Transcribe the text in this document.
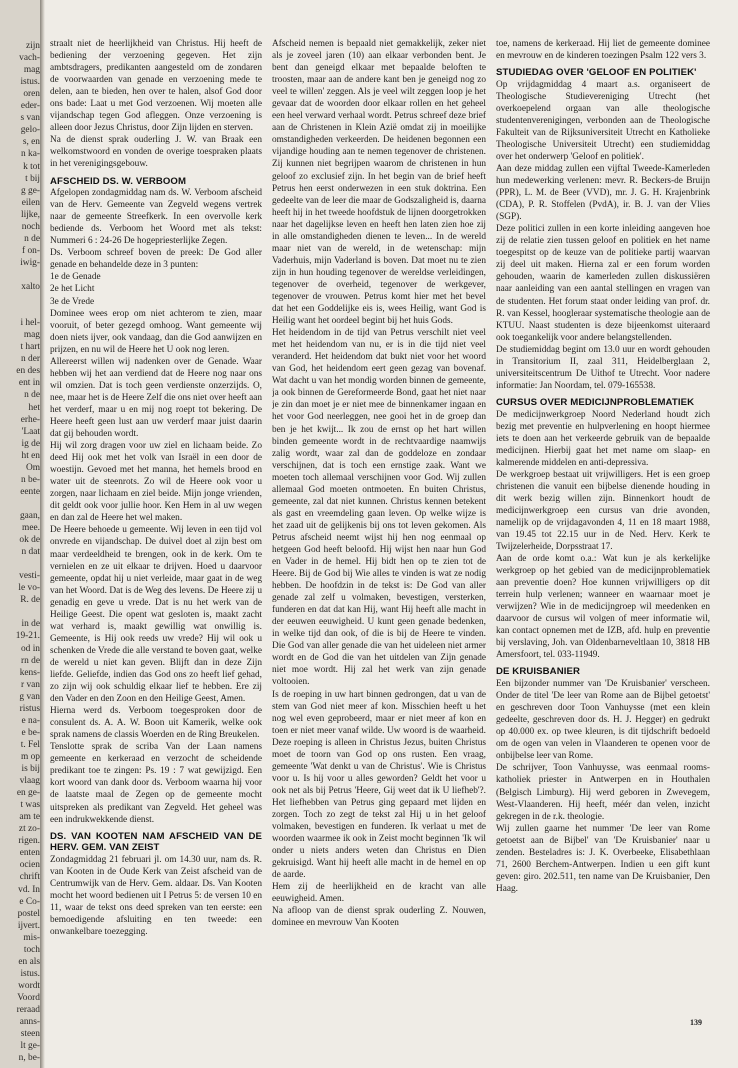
zijn
vach-
mag
istus.
oren
eder-
s van
gelo-
s, en
n ka-
k tot
t bij
g ge-
eilen
lijke,
noch
n de
f on-
iwig-
xalto
i hel-
mag
t hart
n der
en des
ent in
n de
het
erhe-
'Laat
ig de
ht en
Om
n be-
eente
gaan,
mee.
ok de
n dat
vesti-
le vo-
R. de
in de
19-21.
od in
rn de
kens-
r van
g van
ristus
e na-
e be-
t. Fel
m op
is bij
vlaag
en ge-
t was
am te
zt zo-
rigen.
enten
ocien
chrift
vd. In
e Co-
postel
ijvert.
mis-
toch
en als
istus.
wordt
Voord
reraad
anns-
steen
lt ge-
n, be-

straalt niet de heerlijkheid van Christus. Hij heeft de bediening der verzoening gegeven. Het zijn ambtsdragers, predikanten aangesteld om de zondaren de voorwaarden van genade en verzoening mede te delen, aan te bieden, hen over te halen, alsof God door ons bade: Laat u met God verzoenen. Wij moeten alle vijandschap tegen God afleggen. Onze verzoening is alleen door Jezus Christus, door Zijn lijden en sterven.

Na de dienst sprak ouderling J. W. van Braak een welkomstwoord en vonden de overige toespraken plaats in het verenigingsgebouw.

AFSCHEID DS. W. VERBOOM

Afgelopen zondagmiddag nam ds. W. Verboom afscheid van de Herv. Gemeente van Zegveld wegens vertrek naar de gemeente Streefkerk. In een overvolle kerk bediende ds. Verboom het Woord met als tekst: Nummeri 6 : 24-26 De hogepriesterlijke Zegen.

Ds. Verboom schreef boven de preek: De God aller genade en behandelde deze in 3 punten:

1e de Genade

2e het Licht

3e de Vrede

Dominee wees erop om niet achterom te zien, maar vooruit, of beter gezegd omhoog. Want gemeente wij doen niets ijver, ook vandaag, dan die God aanwijzen en prijzen, en nu wil de Heere het U ook nog leren.

Allereerst willen wij nadenken over de Genade. Waar hebben wij het aan verdiend dat de Heere nog naar ons wil omzien. Dat is toch geen verdienste onzerzijds. O, nee, maar het is de Heere Zelf die ons niet over heeft aan het verderf, maar u en mij nog roept tot bekering. De Heere heeft geen lust aan uw verderf maar juist daarin dat gij behouden wordt.

Hij wil zorg dragen voor uw ziel en lichaam beide. Zo deed Hij ook met het volk van Israël in een door de woestijn. Gevoed met het manna, het hemels brood en water uit de steenrots. Zo wil de Heere ook voor u zorgen, naar lichaam en ziel beide. Mijn jonge vrienden, dit geldt ook voor jullie hoor. Ken Hem in al uw wegen en dan zal de Heere het wel maken.

De Heere behoede u gemeente. Wij leven in een tijd vol onvrede en vijandschap. De duivel doet al zijn best om maar verdeeldheid te brengen, ook in de kerk. Om te vernielen en ze uit elkaar te drijven. Hoed u daarvoor gemeente, opdat hij u niet verleide, maar gaat in de weg van het Woord. Dat is de Weg des levens. De Heere zij u genadig en geve u vrede. Dat is nu het werk van de Heilige Geest. Die opent wat gesloten is, maakt zacht wat verhard is, maakt gewillig wat onwillig is. Gemeente, is Hij ook reeds uw vrede? Hij wil ook u schenken de Vrede die alle verstand te boven gaat, welke de wereld u niet kan geven. Blijft dan in deze Zijn liefde. Geliefde, indien das God ons zo heeft lief gehad, zo zijn wij ook schuldig elkaar lief te hebben. Ere zij den Vader en den Zoon en den Heilige Geest, Amen.

Hierna werd ds. Verboom toegesproken door de consulent ds. A. A. W. Boon uit Kamerik, welke ook sprak namens de classis Woerden en de Ring Breukelen.

Tenslotte sprak de scriba Van der Laan namens gemeente en kerkeraad en verzocht de scheidende predikant toe te zingen: Ps. 19 : 7 wat gewijzigd. Een kort woord van dank door ds. Verboom waarna hij voor de laatste maal de Zegen op de gemeente mocht uitspreken als predikant van Zegveld. Het geheel was een indrukwekkende dienst.

DS. VAN KOOTEN NAM AFSCHEID VAN DE HERV. GEM. VAN ZEIST

Zondagmiddag 21 februari jl. om 14.30 uur, nam ds. R. van Kooten in de Oude Kerk van Zeist afscheid van de Centrumwijk van de Herv. Gem. aldaar. Ds. Van Kooten mocht het woord bedienen uit I Petrus 5: de versen 10 en 11, waar de tekst ons deed spreken van ten eerste: een bemoedigende afsluiting en ten tweede: een onwankelbare toezegging.

Afscheid nemen is bepaald niet gemakkelijk, zeker niet als je zoveel jaren (10) aan elkaar verbonden bent. Je bent dan geneigd elkaar met bepaalde beloften te troosten, maar aan de andere kant ben je geneigd nog zo veel te willen' zeggen. Als je veel wilt zeggen loop je het gevaar dat de woorden door elkaar rollen en het geheel een heel verward verhaal wordt. Petrus schreef deze brief aan de Christenen in Klein Azië omdat zij in moeilijke omstandigheden verkeerden. De heidenen begonnen een vijandige houding aan te nemen tegenover de christenen. Zij kunnen niet begrijpen waarom de christenen in hun geloof zo exclusief zijn. In het begin van de brief heeft Petrus hen eerst onderwezen in een stuk doktrina. Een gedeelte van de leer die maar de Godszaligheid is, daarna heeft hij in het tweede hoofdstuk de lijnen doorgetrokken naar het dagelijkse leven en heeft hen laten zien hoe zij in alle omstandigheden dienen te leven... In de wereld maar niet van de wereld, in de wetenschap: mijn Vaderhuis, mijn Vaderland is boven. Dat moet nu te zien zijn in hun houding tegenover de wereldse verleidingen, tegenover de overheid, tegenover de werkgever, tegenover de vrouwen. Petrus komt hier met het bevel dat het een Goddelijke eis is, wees Heilig, want God is Heilig want het oordeel begint bij het huis Gods.

Het heidendom in de tijd van Petrus verschilt niet veel met het heidendom van nu, er is in die tijd niet veel veranderd. Het heidendom dat bukt niet voor het woord van God, het heidendom eert geen gezag van bovenaf. Wat dacht u van het mondig worden binnen de gemeente, ja ook binnen de Gereformeerde Bond, gaat het niet naar je zin dan moet je er niet mee de binnenkamer ingaan en het voor God neerleggen, nee gooi het in de groep dan ben je het kwijt... Ik zou de ernst op het hart willen binden gemeente wordt in de rechtvaardige naamwijs zalig wordt, waar zal dan de goddeloze en zondaar verschijnen, dat is toch een ernstige zaak. Want we moeten toch allemaal verschijnen voor God. Wij zullen allemaal God moeten ontmoeten. En buiten Christus, gemeente, zal dat niet kunnen. Christus kennen betekent als gast en vreemdeling gaan leven. Op welke wijze is het zaad uit de gelijkenis bij ons tot leven gekomen. Als Petrus afscheid neemt wijst hij hen nog eenmaal op hetgeen God heeft beloofd. Hij wijst hen naar hun God en Vader in de hemel. Hij bidt hen op te zien tot de Heere. Bij de God bij Wie alles te vinden is wat ze nodig hebben. De hoofdzin in de tekst is: De God van aller genade zal zelf u volmaken, bevestigen, versterken, funderen en dat dat kan Hij, want Hij heeft alle macht in der eeuwen eeuwigheid. U kunt geen genade bedenken, in welke tijd dan ook, of die is bij de Heere te vinden. Die God van aller genade die van het uideleen niet armer wordt en de God die van het uitdelen van Zijn genade niet moe wordt. Hij zal het werk van zijn genade voltooien.

Is de roeping in uw hart binnen gedrongen, dat u van de stem van God niet meer af kon. Misschien heeft u het nog wel even geprobeerd, maar er niet meer af kon en toen er niet meer vanaf wilde. Uw woord is de waarheid. Deze roeping is alleen in Christus Jezus, buiten Christus moet de toorn van God op ons rusten. Een vraag, gemeente 'Wat denkt u van de Christus'. Wie is Christus voor u. Is hij voor u alles geworden? Geldt het voor u ook net als bij Petrus 'Heere, Gij weet dat ik U liefheb'?. Het liefhebben van Petrus ging gepaard met lijden en zorgen. Toch zo zegt de tekst zal Hij u in het geloof volmaken, bevestigen en funderen. Ik verlaat u met de woorden waarmee ik ook in Zeist mocht beginnen 'Ik wil onder u niets anders weten dan Christus en Dien gekruisigd. Want hij heeft alle macht in de hemel en op de aarde.

Hem zij de heerlijkheid en de kracht van alle eeuwigheid. Amen.

Na afloop van de dienst sprak ouderling Z. Nouwen, dominee en mevrouw Van Kooten

toe, namens de kerkeraad. Hij liet de gemeente dominee en mevrouw en de kinderen toezingen Psalm 122 vers 3.

STUDIEDAG OVER 'GELOOF EN POLITIEK'

Op vrijdagmiddag 4 maart a.s. organiseert de Theologische Studievereniging Utrecht (het overkoepelend orgaan van alle theologische studentenverenigingen, verbonden aan de Theologische Fakulteit van de Rijksuniversiteit Utrecht en Katholieke Theologische Universiteit Utrecht) een studiemiddag over het onderwerp 'Geloof en politiek'.

Aan deze middag zullen een vijftal Tweede-Kamerleden hun medewerking verlenen: mevr. R. Beckers-de Bruijn (PPR), L. M. de Beer (VVD), mr. J. G. H. Krajenbrink (CDA), P. R. Stoffelen (PvdA), ir. B. J. van der Vlies (SGP).

Deze politici zullen in een korte inleiding aangeven hoe zij de relatie zien tussen geloof en politiek en het name toegespitst op de keuze van de politieke partij waarvan zij deel uit maken. Hierna zal er een forum worden gehouden, waarin de kamerleden zullen diskussiëren naar aanleiding van een aantal stellingen en vragen van de studenten. Het forum staat onder leiding van prof. dr. R. van Kessel, hoogleraar systematische theologie aan de KTUU. Naast studenten is deze bijeenkomst uiteraard ook toegankelijk voor andere belangstellenden.

De studiemiddag begint om 13.0 uur en wordt gehouden in Transitorium II, zaal 311, Heidelberglaan 2, universiteitscentrum De Uithof te Utrecht. Voor nadere informatie: Jan Noordam, tel. 079-165538.

CURSUS OVER MEDICIJNPROBLEMATIEK

De medicijnwerkgroep Noord Nederland houdt zich bezig met preventie en hulpverlening en hoopt hiermee iets te doen aan het verkeerde gebruik van de bepaalde medicijnen. Hierbij gaat het met name om slaap- en kalmerende middelen en anti-depressiva.

De werkgroep bestaat uit vrijwilligers. Het is een groep christenen die vanuit een bijbelse dienende houding in dit werk bezig willen zijn. Binnenkort houdt de medicijnwerkgroep een cursus van drie avonden, namelijk op de vrijdagavonden 4, 11 en 18 maart 1988, van 19.45 tot 22.15 uur in de Ned. Herv. Kerk te Twijzelerheide, Dorpsstraat 17.

Aan de orde komt o.a.: Wat kun je als kerkelijke werkgroep op het gebied van de medicijnproblematiek aan preventie doen? Hoe kunnen vrijwilligers op dit terrein hulp verlenen; wanneer en waarnaar moet je verwijzen? Wie in de medicijngroep wil meedenken en daarvoor de cursus wil volgen of meer informatie wil, kan contact opnemen met de IZB, afd. hulp en preventie bij verslaving, Joh. van Oldenbarneveltlaan 10, 3818 HB Amersfoort, tel. 033-11949.

DE KRUISBANIER

Een bijzonder nummer van 'De Kruisbanier' verscheen. Onder de titel 'De leer van Rome aan de Bijbel getoetst' en geschreven door Toon Vanhuysse (met een klein gedeelte, geschreven door ds. H. J. Hegger) en gedrukt op 40.000 ex. op twee kleuren, is dit tijdschrift bedoeld om de ogen van velen in Vlaanderen te openen voor de onbijbelse leer van Rome.

De schrijver, Toon Vanhuysse, was eenmaal rooms-katholiek priester in Antwerpen en in Houthalen (Belgisch Limburg). Hij werd geboren in Zwevegem, West-Vlaanderen. Hij heeft, méér dan velen, inzicht gekregen in de r.k. theologie.

Wij zullen gaarne het nummer 'De leer van Rome getoetst aan de Bijbel' van 'De Kruisbanier' naar u zenden. Besteladres is: J. K. Overbeeke, Elisabethlaan 71, 2600 Berchem-Antwerpen. Indien u een gift kunt geven: giro. 202.511, ten name van De Kruisbanier, Den Haag.

139
